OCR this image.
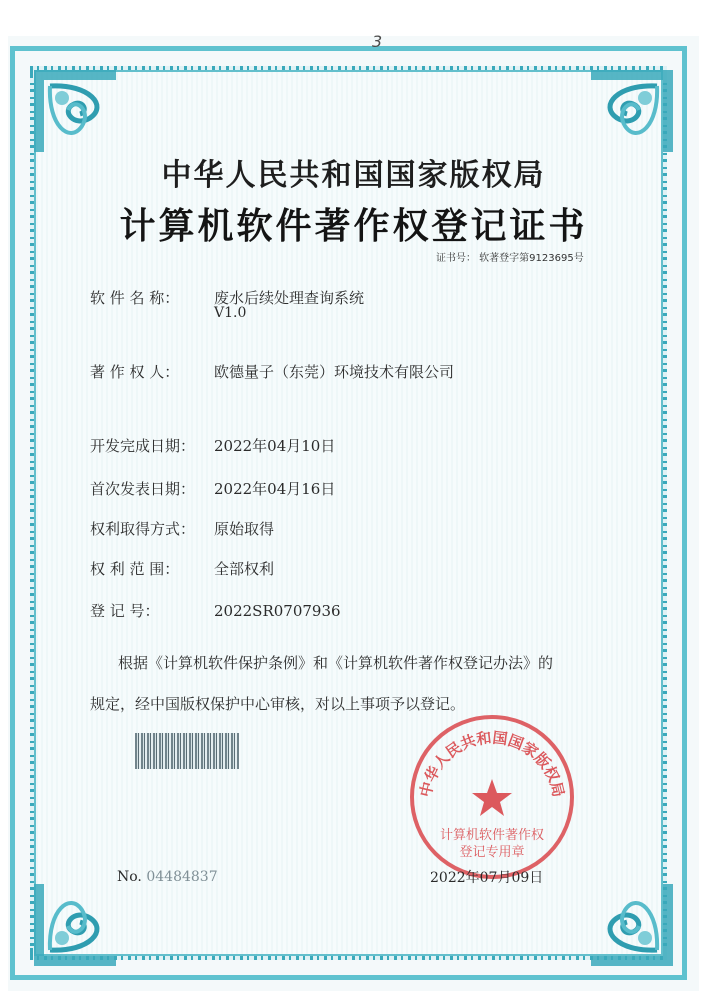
3
中华人民共和国国家版权局
计算机软件著作权登记证书
证书号： 软著登字第9123695号
软 件 名 称： 废水后续处理查询系统
V1.0
著 作 权 人： 欧德量子（东莞）环境技术有限公司
开发完成日期： 2022年04月10日
首次发表日期： 2022年04月16日
权利取得方式： 原始取得
权 利 范 围： 全部权利
登 记 号：	2022SR0707936
根据《计算机软件保护条例》和《计算机软件著作权登记办法》的
规定，经中国版权保护中心审核，对以上事项予以登记。
No. 04484837
中华人民共和国国家版权局
计算机软件著作权
登记专用章
2022年07月09日
